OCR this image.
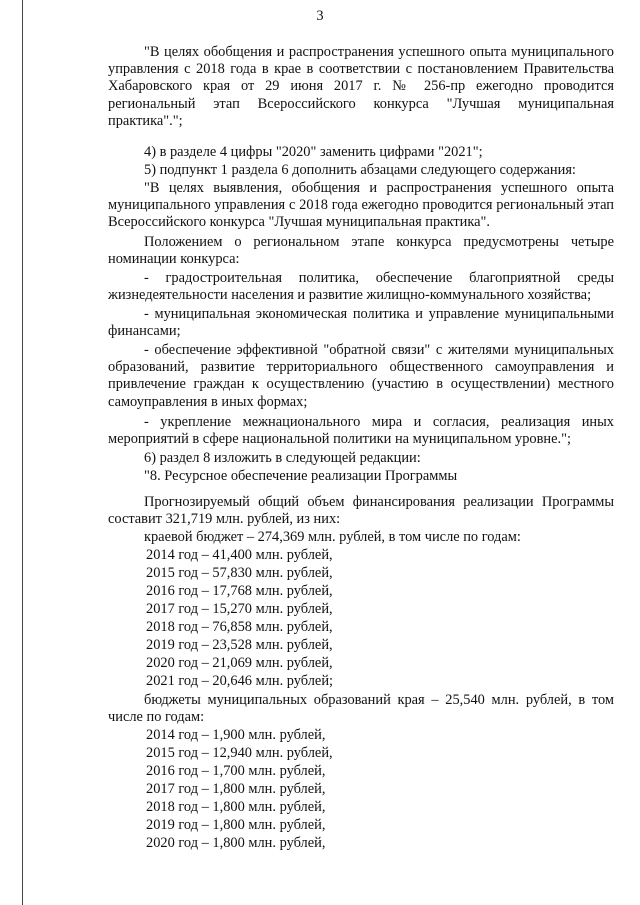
3
"В целях обобщения и распространения успешного опыта муниципального управления с 2018 года в крае в соответствии с постановлением Правительства Хабаровского края от 29 июня 2017 г. № 256-пр ежегодно проводится региональный этап Всероссийского конкурса "Лучшая муниципальная практика".";
4) в разделе 4 цифры "2020" заменить цифрами "2021";
5) подпункт 1 раздела 6 дополнить абзацами следующего содержания:
"В целях выявления, обобщения и распространения успешного опыта муниципального управления с 2018 года ежегодно проводится региональный этап Всероссийского конкурса "Лучшая муниципальная практика".
Положением о региональном этапе конкурса предусмотрены четыре номинации конкурса:
- градостроительная политика, обеспечение благоприятной среды жизнедеятельности населения и развитие жилищно-коммунального хозяйства;
- муниципальная экономическая политика и управление муниципальными финансами;
- обеспечение эффективной "обратной связи" с жителями муниципальных образований, развитие территориального общественного самоуправления и привлечение граждан к осуществлению (участию в осуществлении) местного самоуправления в иных формах;
- укрепление межнационального мира и согласия, реализация иных мероприятий в сфере национальной политики на муниципальном уровне.";
6) раздел 8 изложить в следующей редакции:
"8. Ресурсное обеспечение реализации Программы
Прогнозируемый общий объем финансирования реализации Программы составит 321,719 млн. рублей, из них:
краевой бюджет – 274,369 млн. рублей, в том числе по годам:
2014 год – 41,400 млн. рублей,
2015 год – 57,830 млн. рублей,
2016 год – 17,768 млн. рублей,
2017 год – 15,270 млн. рублей,
2018 год – 76,858 млн. рублей,
2019 год – 23,528 млн. рублей,
2020 год – 21,069 млн. рублей,
2021 год – 20,646 млн. рублей;
бюджеты муниципальных образований края – 25,540 млн. рублей, в том числе по годам:
2014 год – 1,900 млн. рублей,
2015 год – 12,940 млн. рублей,
2016 год – 1,700 млн. рублей,
2017 год – 1,800 млн. рублей,
2018 год – 1,800 млн. рублей,
2019 год – 1,800 млн. рублей,
2020 год – 1,800 млн. рублей,
